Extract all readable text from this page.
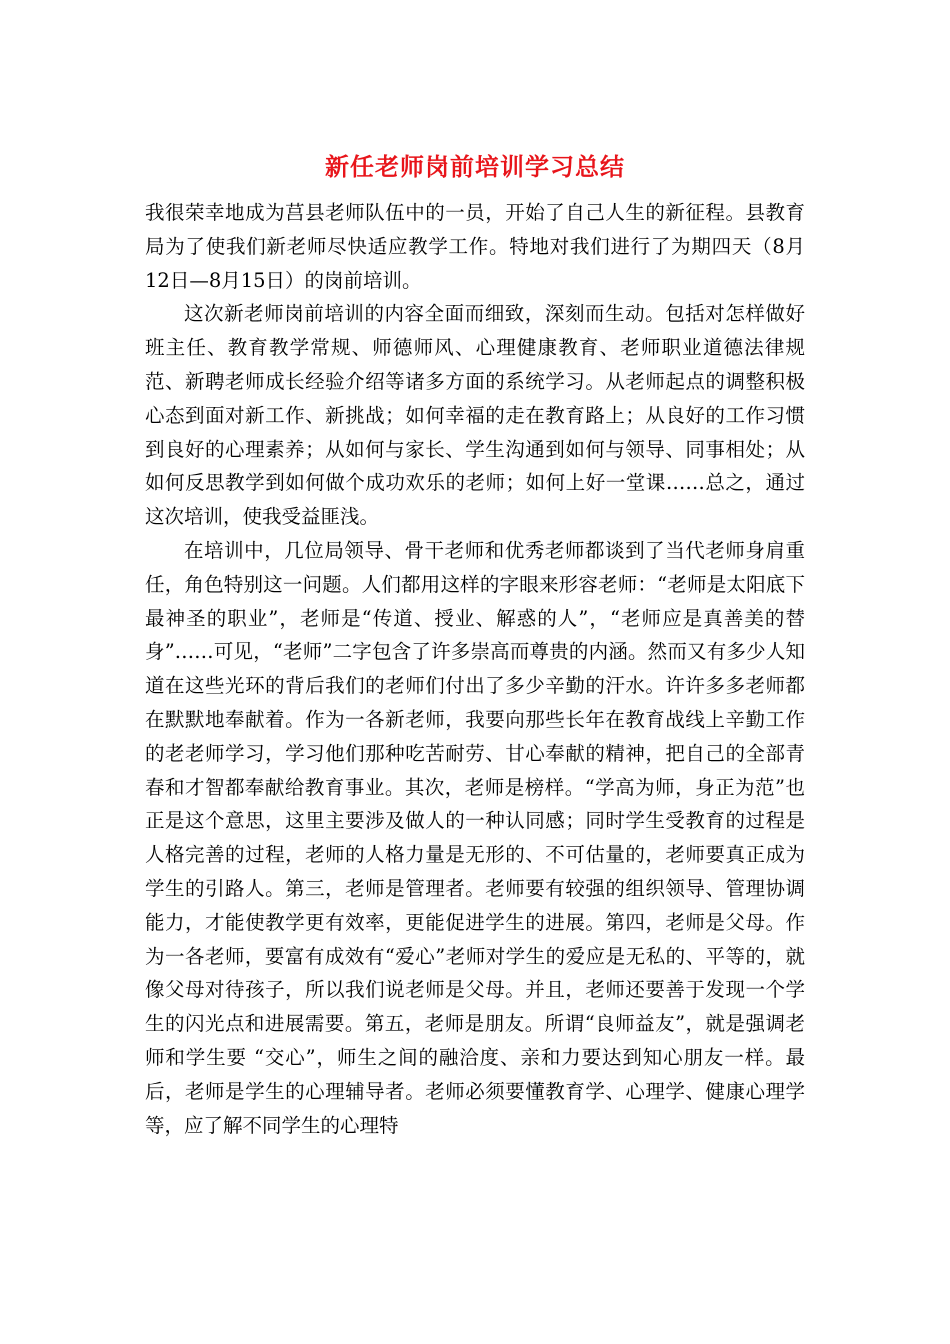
新任老师岗前培训学习总结

我很荣幸地成为莒县老师队伍中的一员，开始了自己人生的新征程。县教育局为了使我们新老师尽快适应教学工作。特地对我们进行了为期四天（8月12日—8月15日）的岗前培训。

这次新老师岗前培训的内容全面而细致，深刻而生动。包括对怎样做好班主任、教育教学常规、师德师风、心理健康教育、老师职业道德法律规范、新聘老师成长经验介绍等诸多方面的系统学习。从老师起点的调整积极心态到面对新工作、新挑战；如何幸福的走在教育路上；从良好的工作习惯到良好的心理素养；从如何与家长、学生沟通到如何与领导、同事相处；从如何反思教学到如何做个成功欢乐的老师；如何上好一堂课……总之，通过这次培训，使我受益匪浅。

在培训中，几位局领导、骨干老师和优秀老师都谈到了当代老师身肩重任，角色特别这一问题。人们都用这样的字眼来形容老师：“老师是太阳底下最神圣的职业”，老师是“传道、授业、解惑的人”，“老师应是真善美的替身”……可见，“老师”二字包含了许多崇高而尊贵的内涵。然而又有多少人知道在这些光环的背后我们的老师们付出了多少辛勤的汗水。许许多多老师都在默默地奉献着。作为一各新老师，我要向那些长年在教育战线上辛勤工作的老老师学习，学习他们那种吃苦耐劳、甘心奉献的精神，把自己的全部青春和才智都奉献给教育事业。其次，老师是榜样。“学高为师，身正为范”也正是这个意思，这里主要涉及做人的一种认同感；同时学生受教育的过程是人格完善的过程，老师的人格力量是无形的、不可估量的，老师要真正成为学生的引路人。第三，老师是管理者。老师要有较强的组织领导、管理协调能力，才能使教学更有效率，更能促进学生的进展。第四，老师是父母。作为一各老师，要富有成效有“爱心”老师对学生的爱应是无私的、平等的，就像父母对待孩子，所以我们说老师是父母。并且，老师还要善于发现一个学生的闪光点和进展需要。第五，老师是朋友。所谓“良师益友”，就是强调老师和学生要 “交心”，师生之间的融洽度、亲和力要达到知心朋友一样。最后，老师是学生的心理辅导者。老师必须要懂教育学、心理学、健康心理学等，应了解不同学生的心理特
